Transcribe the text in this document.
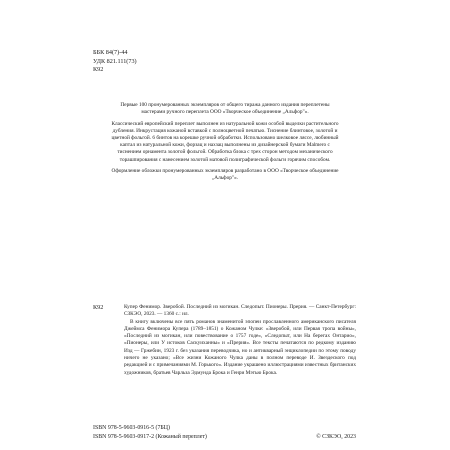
ББК 84(7)-44
УДК 821.111(73)
К92

Первые 100 пронумерованных экземпляров от общего тиража данного издания переплетены мастерами ручного переплета ООО «Творческое объединение „Альфор"».

Классический европейский переплет выполнен из натуральной кожи особой выделки растительного дубления. Инкрустация кожаной вставкой с полноцветной печатью. Тиснение блинтовое, золотой и цветной фольгой. 6 бинтов на корешке ручной обработки. Использовано шелковое ляссе, любинный каптал из натуральной кожи, форзац и нахзац выполнены из дизайнерской бумаги Malmero с тиснением орнамента золотой фольгой. Обработка блока с трех сторон методом механического торашпирования с нанесением золотой матовой полиграфической фольги горячим способом.

Оформление обложки пронумерованных экземпляров разработано в ООО «Творческое объединение „Альфор"».

К92	Купер Фенимор. Зверобой. Последний из могикан. Следопыт. Пионеры. Прерия. — Санкт-Петербург: СЗКЭО, 2023. — 1360 с.: ил.

В книгу включены все пять романов знаменитой эпопеи прославленного американского писателя Джеймса Фенимора Купера (1789–1851) о Кожаном Чулке: «Зверобой, или Первая тропа войны», «Последний из могикан, или повествование о 1757 годе», «Следопыт, или На берегах Онтарио», «Пионеры, или У истоков Саскуиханны» и «Прерия». Все тексты печатаются по редкому изданию Изд — Гржебин, 1923 г. без указания переводчика, но и антикварный энциклопедии по этому поводу ничего не указано; «Все жизни Кожаного Чулка даны в полном переводе И. Звездеского под редакцией и с примечаниями М. Горького». Издание украшено иллюстрациями известных британских художников, братьев Чарльза Эдмунда Брока и Генри Мэтью Брока.

ISBN 978-5-9603-0916-5 (7БЦ)
ISBN 978-5-9603-0917-2 (Кожаный переплет)	© СЗКЭО, 2023
